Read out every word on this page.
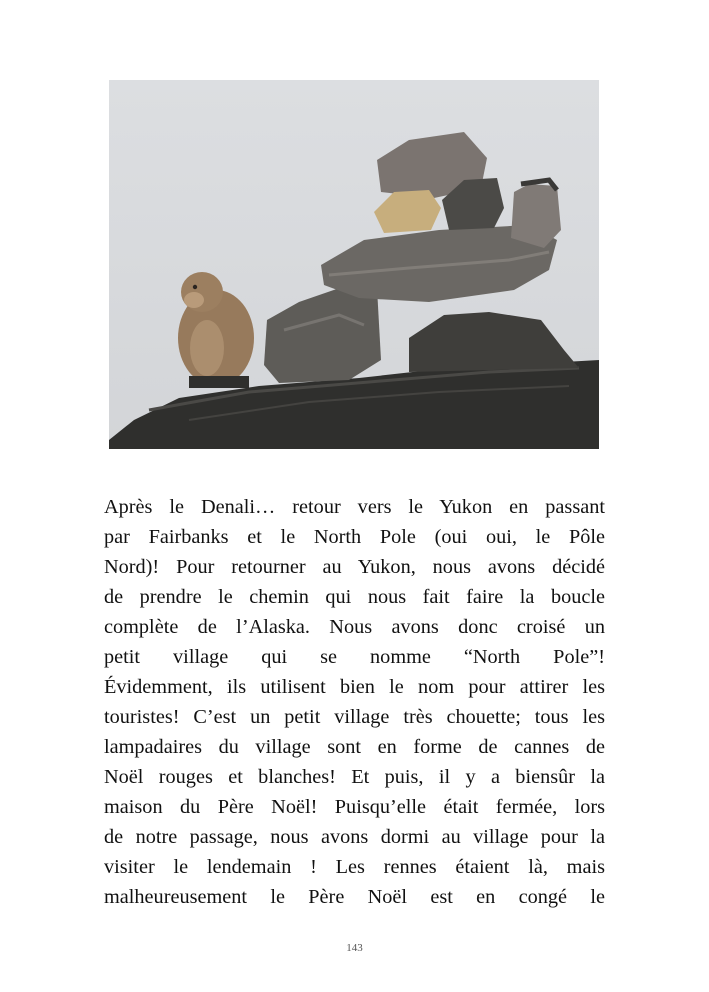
Après le Denali… retour vers le Yukon en passant
par Fairbanks et le North Pole (oui oui, le Pôle
Nord)! Pour retourner au Yukon, nous avons décidé
de prendre le chemin qui nous fait faire la boucle
complète de l’Alaska. Nous avons donc croisé un
petit village qui se nomme “North Pole”!
Évidemment, ils utilisent bien le nom pour attirer les
touristes! C’est un petit village très chouette; tous les
lampadaires du village sont en forme de cannes de
Noël rouges et blanches! Et puis, il y a biensûr la
maison du Père Noël! Puisqu’elle était fermée, lors
de notre passage, nous avons dormi au village pour la
visiter le lendemain ! Les rennes étaient là, mais
malheureusement le Père Noël est en congé le
143
